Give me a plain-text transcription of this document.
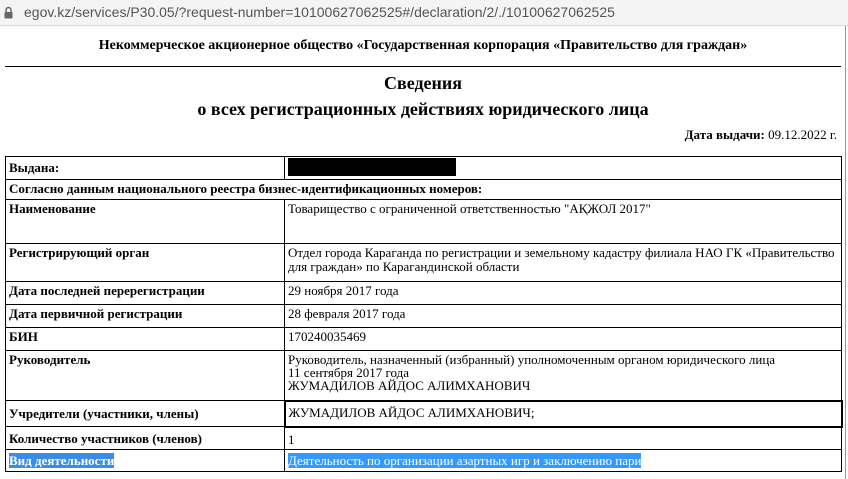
egov.kz/services/P30.05/?request-number=10100627062525#/declaration/2/./10100627062525
Некоммерческое акционерное общество «Государственная корпорация «Правительство для граждан»
Сведения
о всех регистрационных действиях юридического лица
Дата выдачи: 09.12.2022 г.
Выдана:	
Согласно данным национального реестра бизнес-идентификационных номеров:	
Наименование	Товарищество с ограниченной ответственностью "АҚЖОЛ 2017"
Регистрирующий орган	Отдел города Караганда по регистрации и земельному кадастру филиала НАО ГК «Правительство для граждан» по Карагандинской области
Дата последней перерегистрации	29 ноября 2017 года
Дата первичной регистрации	28 февраля 2017 года
БИН	170240035469
Руководитель	Руководитель, назначенный (избранный) уполномоченным органом юридического лица
11 сентября 2017 года
ЖУМАДИЛОВ АЙДОС АЛИМХАНОВИЧ

Учредители (участники, члены)	ЖУМАДИЛОВ АЙДОС АЛИМХАНОВИЧ;
Количество участников (членов)	1
Вид деятельности	Деятельность по организации азартных игр и заключению пари
